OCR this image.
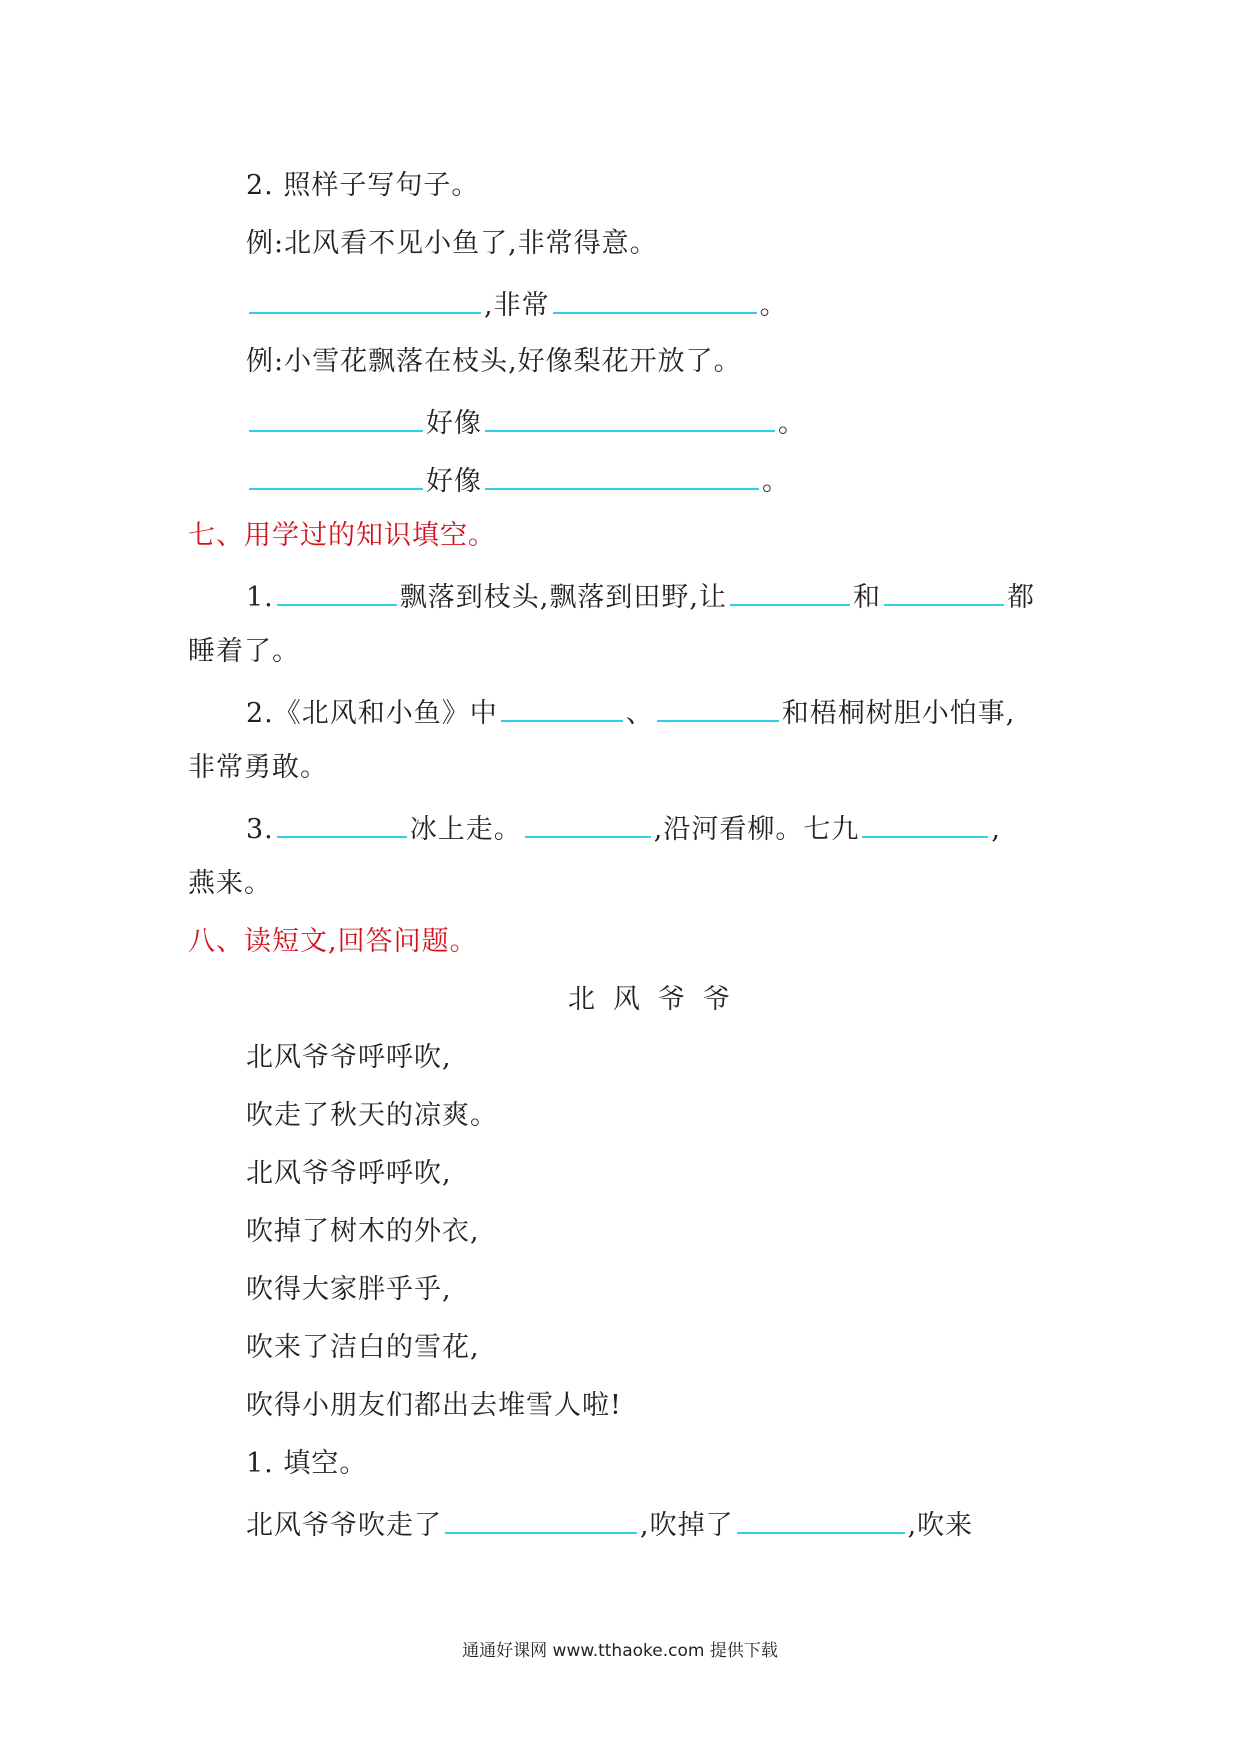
2. 照样子写句子。
例:北风看不见小鱼了,非常得意。
,非常	。
例:小雪花飘落在枝头,好像梨花开放了。
好像	。
好像	。
七、用学过的知识填空。
1.	飘落到枝头,飘落到田野,让	和	都
睡着了。
2.《北风和小鱼》中	、	和梧桐树胆小怕事,
非常勇敢。
3.	冰上走。	,沿河看柳。七九	,
燕来。
八、读短文,回答问题。
北风爷爷
北风爷爷呼呼吹,
吹走了秋天的凉爽。
北风爷爷呼呼吹,
吹掉了树木的外衣,
吹得大家胖乎乎,
吹来了洁白的雪花,
吹得小朋友们都出去堆雪人啦!
1. 填空。
北风爷爷吹走了	,吹掉了	,吹来
通通好课网 www.tthaoke.com 提供下载
